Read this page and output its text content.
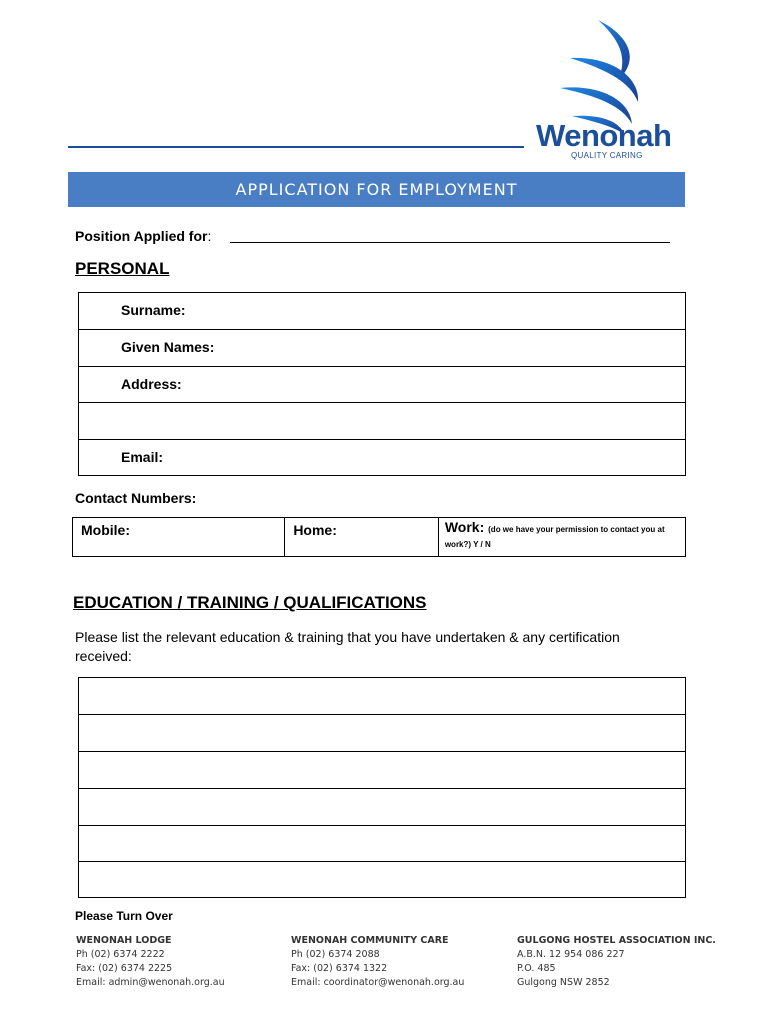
Wenonah
QUALITY CARING
APPLICATION FOR EMPLOYMENT
Position Applied for:
PERSONAL
Surname:
Given Names:
Address:
Email:
Contact Numbers:
Mobile:	Home:	Work: (do we have your permission to contact you at work?) Y / N
EDUCATION / TRAINING / QUALIFICATIONS
Please list the relevant education & training that you have undertaken & any certification received:
Please Turn Over
WENONAH LODGE
Ph (02) 6374 2222
Fax: (02) 6374 2225
Email: admin@wenonah.org.au
WENONAH COMMUNITY CARE
Ph (02) 6374 2088
Fax: (02) 6374 1322
Email: coordinator@wenonah.org.au
GULGONG HOSTEL ASSOCIATION INC.
A.B.N. 12 954 086 227
P.O. 485
Gulgong NSW 2852
